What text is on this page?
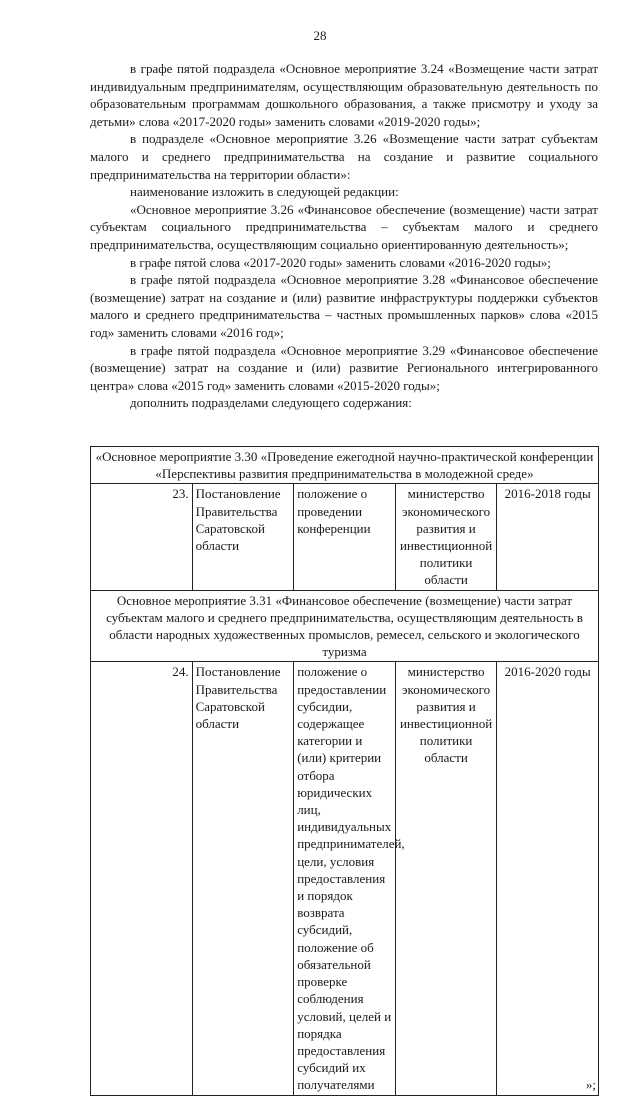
28

в графе пятой подраздела «Основное мероприятие 3.24 «Возмещение части затрат индивидуальным предпринимателям, осуществляющим образовательную деятельность по образовательным программам дошкольного образования, а также присмотру и уходу за детьми» слова «2017-2020 годы» заменить словами «2019-2020 годы»;

в подразделе «Основное мероприятие 3.26 «Возмещение части затрат субъектам малого и среднего предпринимательства на создание и развитие социального предпринимательства на территории области»:

наименование изложить в следующей редакции:

«Основное мероприятие 3.26 «Финансовое обеспечение (возмещение) части затрат субъектам социального предпринимательства – субъектам малого и среднего предпринимательства, осуществляющим социально ориентированную деятельность»;

в графе пятой слова «2017-2020 годы» заменить словами «2016-2020 годы»;

в графе пятой подраздела «Основное мероприятие 3.28 «Финансовое обеспечение (возмещение) затрат на создание и (или) развитие инфраструктуры поддержки субъектов малого и среднего предпринимательства – частных промышленных парков» слова «2015 год» заменить словами «2016 год»;

в графе пятой подраздела «Основное мероприятие 3.29 «Финансовое обеспечение (возмещение) затрат на создание и (или) развитие Регионального интегрированного центра» слова «2015 год» заменить словами «2015-2020 годы»;

дополнить подразделами следующего содержания:

«Основное мероприятие 3.30 «Проведение ежегодной научно-практической конференции «Перспективы развития предпринимательства в молодежной среде»				
23.	Постановление Правительства Саратовской области	положение о проведении конференции	министерство экономического развития и инвестиционной политики области	2016-2018 годы
Основное мероприятие 3.31 «Финансовое обеспечение (возмещение) части затрат субъектам малого и среднего предпринимательства, осуществляющим деятельность в области народных художественных промыслов, ремесел, сельского и экологического туризма				
24.	Постановление Правительства Саратовской области	положение о предоставлении субсидии, содержащее категории и (или) критерии отбора юридических лиц, индивидуальных предпринимателей, цели, условия предоставления и порядок возврата субсидий, положение об обязательной проверке соблюдения условий, целей и порядка предоставления субсидий их получателями	министерство экономического развития и инвестиционной политики области	2016-2020 годы
»;
